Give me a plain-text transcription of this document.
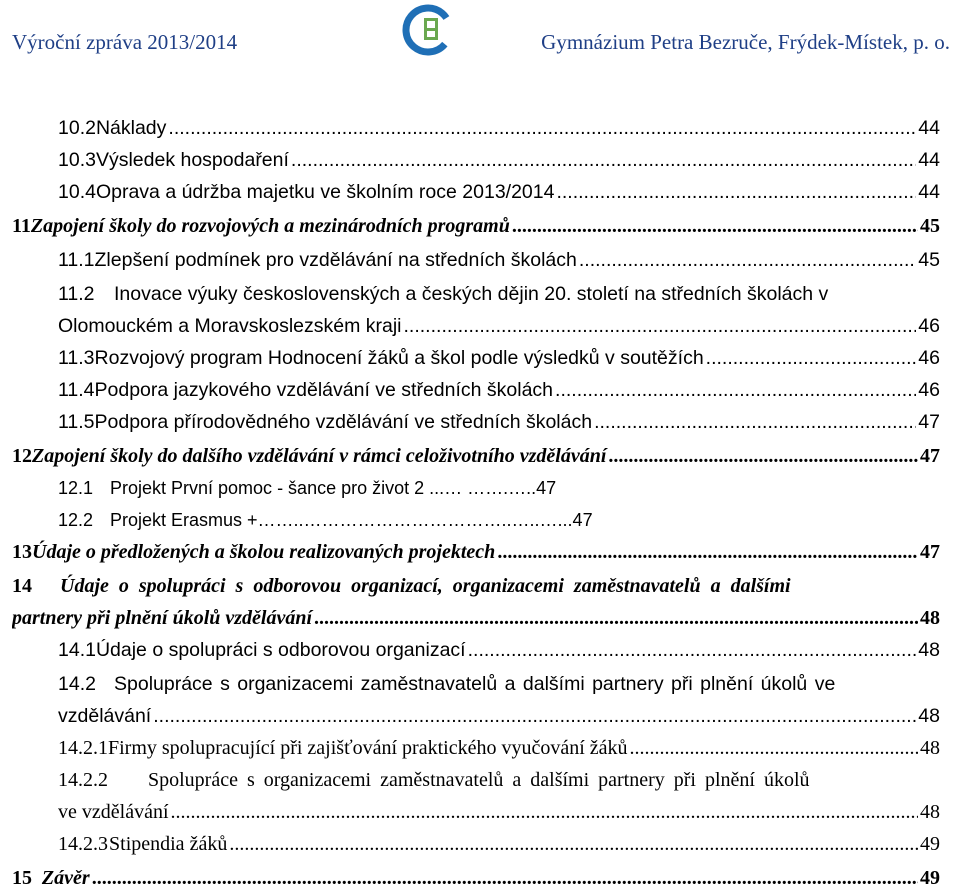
Výroční zpráva 2013/2014	Gymnázium Petra Bezruče, Frýdek-Místek, p. o.
10.2 Náklady .....	44
10.3 Výsledek hospodaření .....	44
10.4 Oprava a údržba majetku ve školním roce 2013/2014 .....	44
11 Zapojení školy do rozvojových a mezinárodních programů .....	45
11.1 Zlepšení podmínek pro vzdělávání na středních školách .....	45
11.2 Inovace výuky československých a českých dějin 20. století na středních školách v
Olomouckém a Moravskoslezském kraji .....	46
11.3 Rozvojový program Hodnocení žáků a škol podle výsledků v soutěžích .....	46
11.4 Podpora jazykového vzdělávání ve středních školách .....	46
11.5 Podpora přírodovědného vzdělávání ve středních školách .....	47
12 Zapojení školy do dalšího vzdělávání v rámci celoživotního vzdělávání .....	47
12.1 Projekt První pomoc - šance pro život 2 ...… …….…..47
12.2 Projekt Erasmus +……..……………………………..…..…...47
13 Údaje o předložených a školou realizovaných projektech .....	47
14	Údaje o spolupráci s odborovou organizací, organizacemi zaměstnavatelů a dalšími
partnery při plnění úkolů vzdělávání .....	48
14.1 Údaje o spolupráci s odborovou organizací .....	48
14.2 Spolupráce s organizacemi zaměstnavatelů a dalšími partnery při plnění úkolů ve
vzdělávání .....	48
14.2.1 Firmy spolupracující při zajišťování praktického vyučování žáků .....	48
14.2.2	Spolupráce s organizacemi zaměstnavatelů a dalšími partnery při plnění úkolů
ve vzdělávání .....	48
14.2.3 Stipendia žáků .....	49
15 Závěr .....	49
